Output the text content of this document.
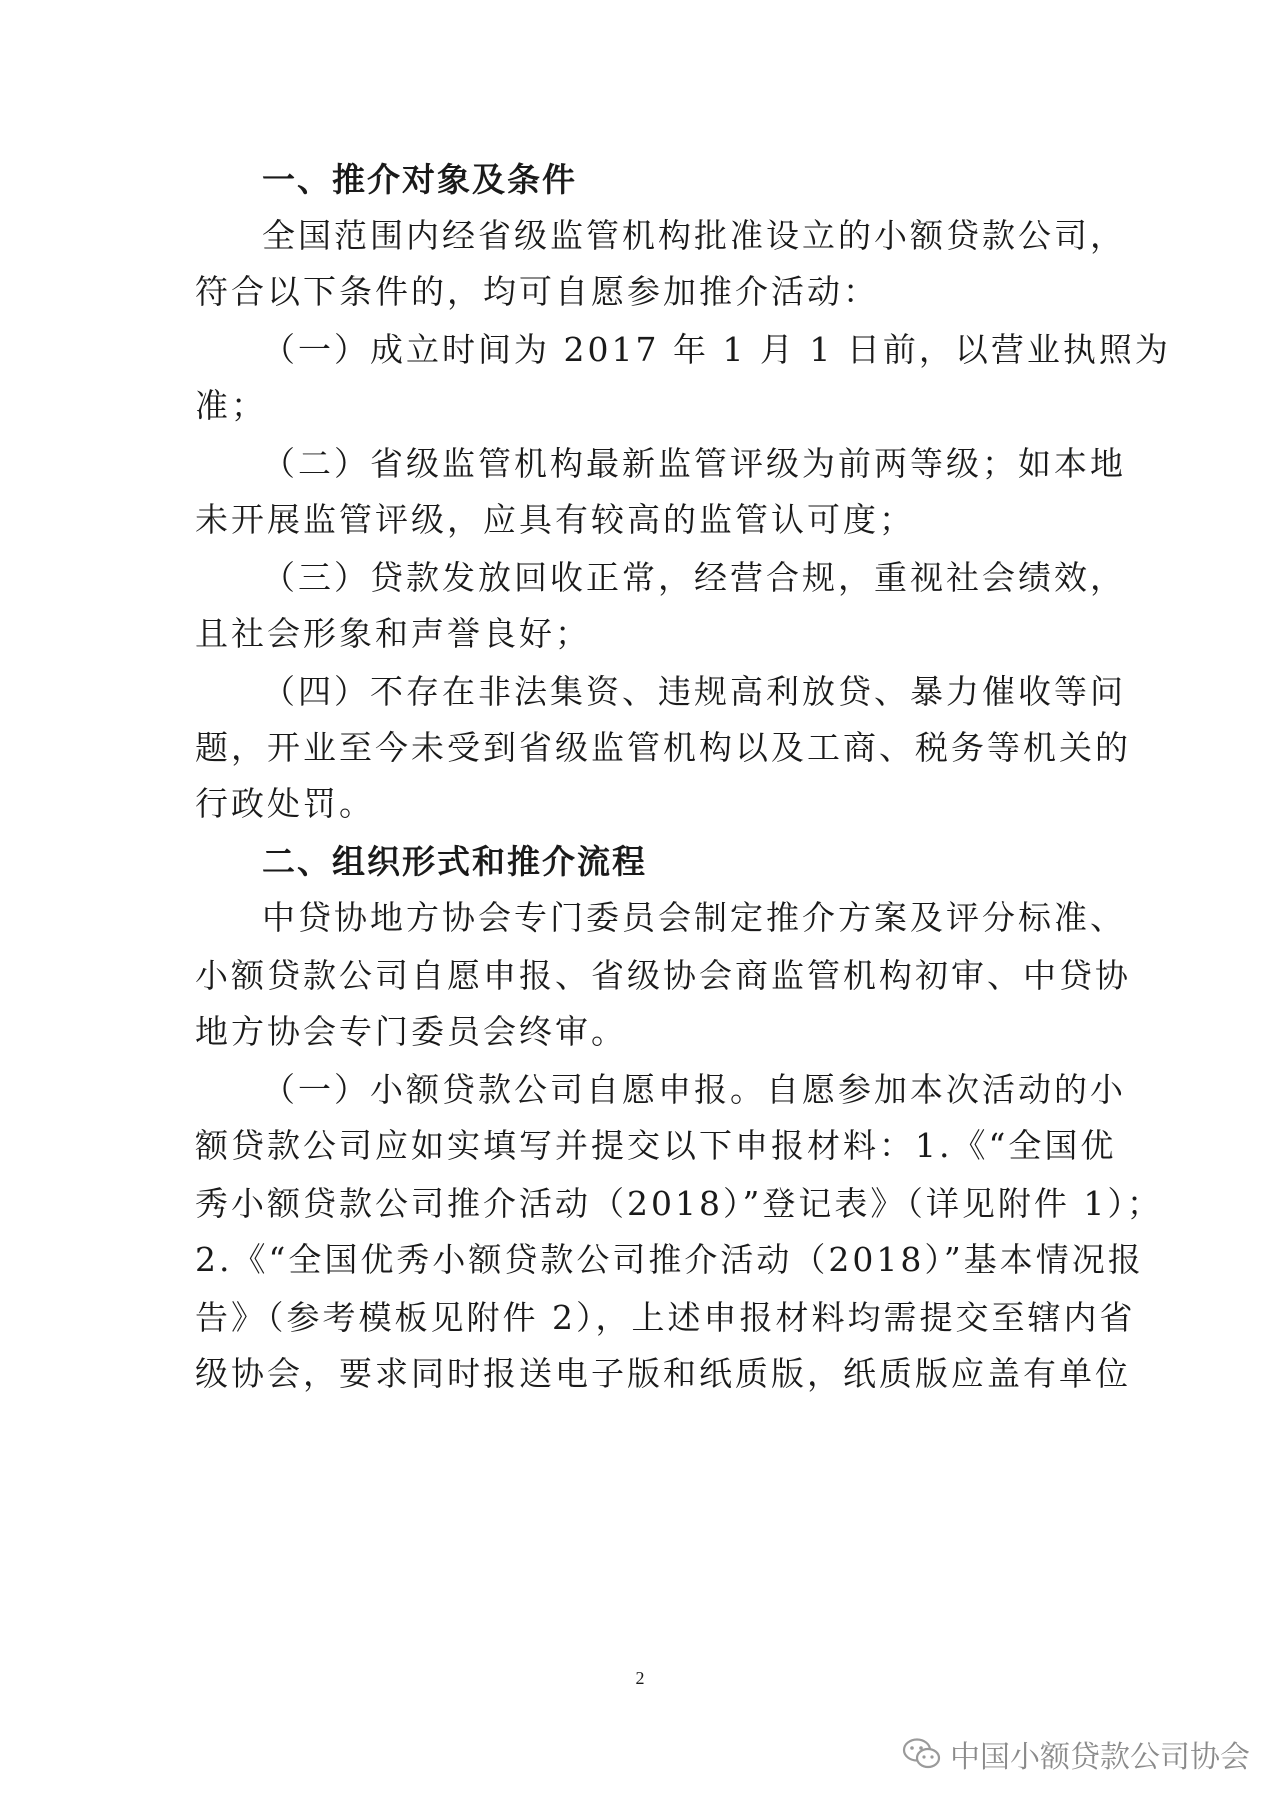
一、推介对象及条件
全国范围内经省级监管机构批准设立的小额贷款公司，
符合以下条件的，均可自愿参加推介活动：
（一）成立时间为 2017 年 1 月 1 日前，以营业执照为
准；
（二）省级监管机构最新监管评级为前两等级；如本地
未开展监管评级，应具有较高的监管认可度；
（三）贷款发放回收正常，经营合规，重视社会绩效，
且社会形象和声誉良好；
（四）不存在非法集资、违规高利放贷、暴力催收等问
题，开业至今未受到省级监管机构以及工商、税务等机关的
行政处罚。
二、组织形式和推介流程
中贷协地方协会专门委员会制定推介方案及评分标准、
小额贷款公司自愿申报、省级协会商监管机构初审、中贷协
地方协会专门委员会终审。
（一）小额贷款公司自愿申报。自愿参加本次活动的小
额贷款公司应如实填写并提交以下申报材料：1.《“全国优
秀小额贷款公司推介活动（2018）”登记表》（详见附件 1）；
2.《“全国优秀小额贷款公司推介活动（2018）”基本情况报
告》（参考模板见附件 2），上述申报材料均需提交至辖内省
级协会，要求同时报送电子版和纸质版，纸质版应盖有单位
2
中国小额贷款公司协会
